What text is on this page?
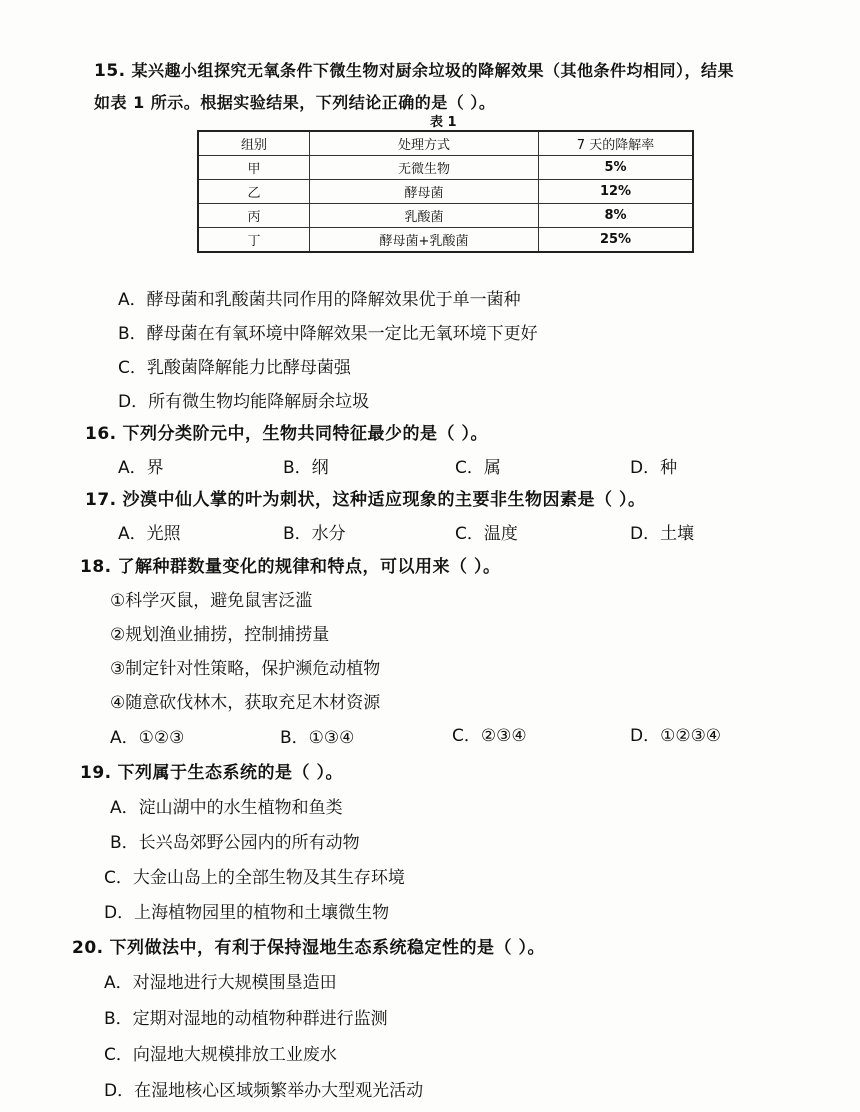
15. 某兴趣小组探究无氧条件下微生物对厨余垃圾的降解效果（其他条件均相同），结果
如表 1 所示。根据实验结果，下列结论正确的是（ ）。
表 1
组别	处理方式	7 天的降解率
甲	无微生物	5%
乙	酵母菌	12%
丙	乳酸菌	8%
丁	酵母菌+乳酸菌	25%
A．酵母菌和乳酸菌共同作用的降解效果优于单一菌种
B．酵母菌在有氧环境中降解效果一定比无氧环境下更好
C．乳酸菌降解能力比酵母菌强
D．所有微生物均能降解厨余垃圾
16. 下列分类阶元中，生物共同特征最少的是（ ）。
A．界	B．纲	C．属	D．种
17. 沙漠中仙人掌的叶为刺状，这种适应现象的主要非生物因素是（ ）。
A．光照	B．水分	C．温度	D．土壤
18. 了解种群数量变化的规律和特点，可以用来（ ）。
①科学灭鼠，避免鼠害泛滥
②规划渔业捕捞，控制捕捞量
③制定针对性策略，保护濒危动植物
④随意砍伐林木，获取充足木材资源
A．①②③	B．①③④	C．②③④	D．①②③④
19. 下列属于生态系统的是（ ）。
A．淀山湖中的水生植物和鱼类
B．长兴岛郊野公园内的所有动物
C．大金山岛上的全部生物及其生存环境
D．上海植物园里的植物和土壤微生物
20. 下列做法中，有利于保持湿地生态系统稳定性的是（ ）。
A．对湿地进行大规模围垦造田
B．定期对湿地的动植物种群进行监测
C．向湿地大规模排放工业废水
D．在湿地核心区域频繁举办大型观光活动
